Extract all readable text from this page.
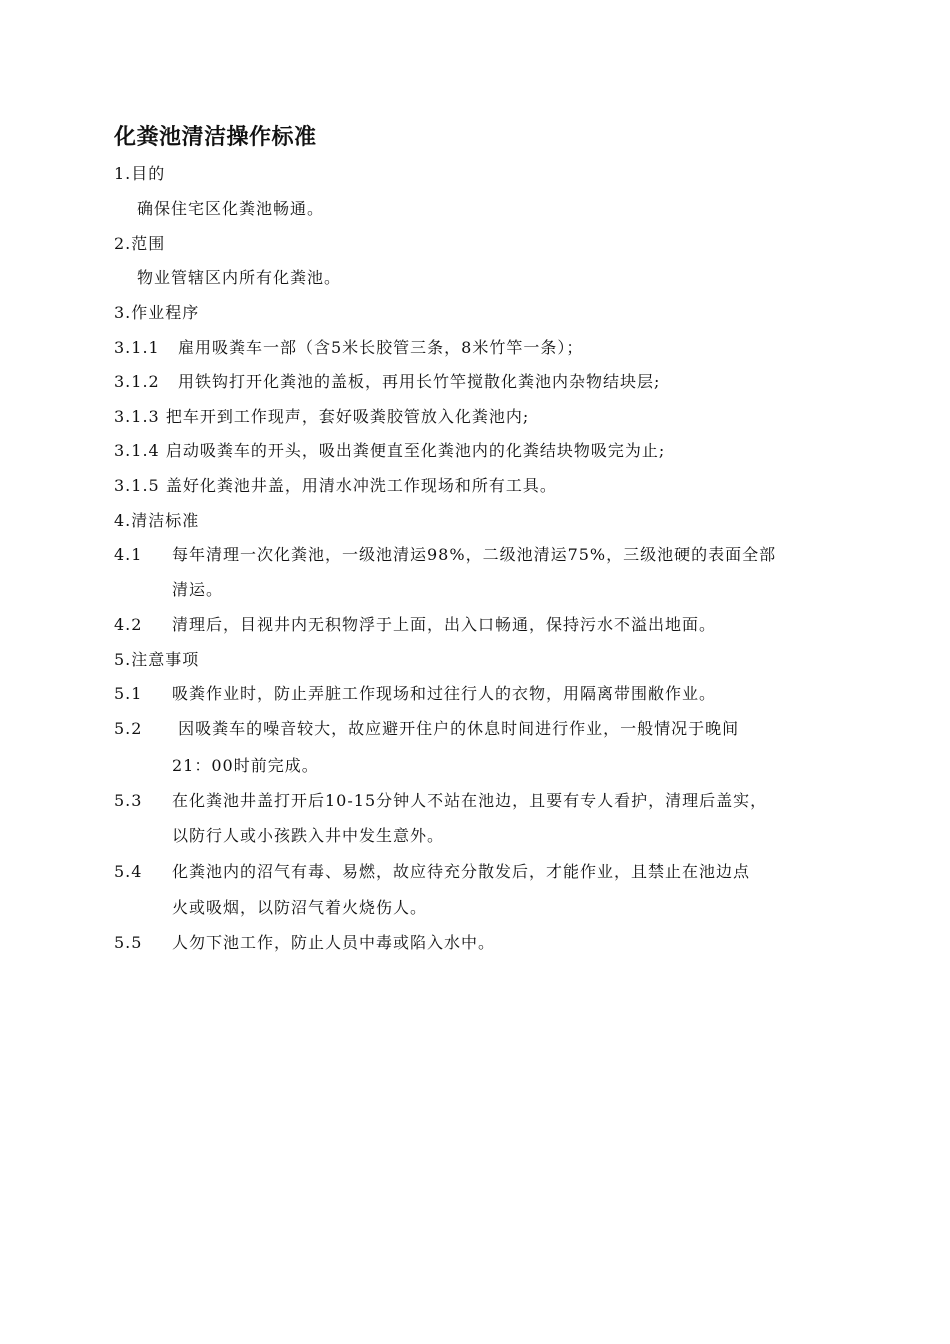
化粪池清洁操作标准
1.目的
确保住宅区化粪池畅通。
2.范围
物业管辖区内所有化粪池。
3.作业程序
3.1.1   雇用吸粪车一部（含5米长胶管三条，8米竹竿一条）；
3.1.2   用铁钩打开化粪池的盖板，再用长竹竿搅散化粪池内杂物结块层;
3.1.3 把车开到工作现声，套好吸粪胶管放入化粪池内;
3.1.4 启动吸粪车的开头，吸出粪便直至化粪池内的化粪结块物吸完为止;
3.1.5 盖好化粪池井盖，用清水冲洗工作现场和所有工具。
4.清洁标准
4.1 每年清理一次化粪池，一级池清运98%，二级池清运75%，三级池硬的表面全部
清运。
4.2 清理后，目视井内无积物浮于上面，出入口畅通，保持污水不溢出地面。
5.注意事项
5.1 吸粪作业时，防止弄脏工作现场和过往行人的衣物，用隔离带围敝作业。
5.2 因吸粪车的噪音较大，故应避开住户的休息时间进行作业，一般情况于晚间
21：00时前完成。
5.3 在化粪池井盖打开后10-15分钟人不站在池边，且要有专人看护，清理后盖实，
以防行人或小孩跌入井中发生意外。
5.4 化粪池内的沼气有毒、易燃，故应待充分散发后，才能作业，且禁止在池边点
火或吸烟，以防沼气着火烧伤人。
5.5 人勿下池工作，防止人员中毒或陷入水中。
